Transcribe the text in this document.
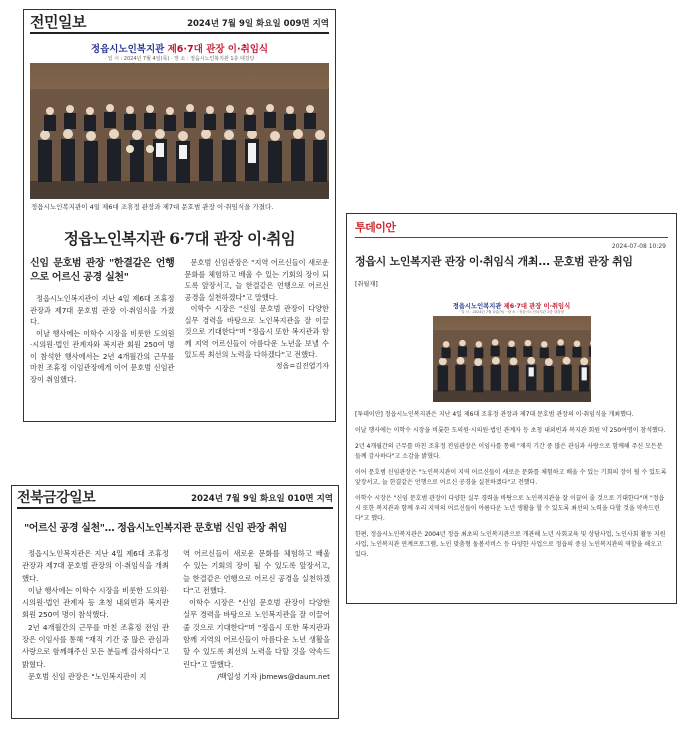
전민일보	2024년 7월 9일 화요일 009면 지역
정읍시노인복지관 제6·7대 관장 이·취임식
· 일 시 : 2024년 7월 4일(목) · 장 소 : 정읍시노인복지관 1층 대강당
정읍시노인복지관이 4일 제6대 조휴정 관장과 제7대 문호범 관장 이·취임식을 가졌다.
정읍노인복지관 6·7대 관장 이·취임
신임 문호범 관장 "한결같은 언행으로 어르신 공경 실천"

정읍시노인복지관이 지난 4일 제6대 조휴정 관장과 제7대 문호범 관장 이·취임식을 가졌다.

이날 행사에는 이학수 시장을 비롯한 도의원·시의원·법인 관계자와 복지관 회원 250여 명이 참석한 행사에서는 2년 4개월간의 근무를 마친 조휴정 이임관장에게 이어 문호범 신임관장이 취임했다.

문호범 신임관장은 "지역 어르신들이 새로운 문화를 체험하고 배울 수 있는 기회의 장이 되도록 앞장서고, 늘 한결같은 언행으로 어르신 공경을 실천하겠다"고 말했다.

이학수 시장은 "신임 문호범 관장이 다양한 실무 경력을 바탕으로 노인복지관을 잘 이끌 것으로 기대한다"며 "정읍시 또한 복지관과 함께 지역 어르신들이 아름다운 노년을 보낼 수 있도록 최선의 노력을 다하겠다"고 전했다.

정읍=김진엽기자
투데이안
2024-07-08 10:29
정읍시 노인복지관 관장 이·취임식 개최... 문호범 관장 취임
[취월재]
정읍시노인복지관 제6·7대 관장 이·취임식
· 일 시 : 2024년 7월 4일(목) · 장 소 : 정읍시노인복지관 1층 대강당

[투데이안] 정읍시노인복지관은 지난 4일 제6대 조휴정 관장과 제7대 문호범 관장의 이·취임식을 개최했다.

이날 행사에는 이학수 시장을 비롯한 도의원·시의원·법인 관계자 등 초청 내외빈과 복지관 회원 약 250여명이 참석했다.

2년 4개월간의 근무를 마친 조휴정 전임관장은 이임사를 통해 "재직 기간 중 많은 관심과 사랑으로 함께해 주신 모든분들께 감사하다"고 소감을 밝혔다.

이어 문호범 신임관장은 "노인복지관이 지역 어르신들이 새로운 문화를 체험하고 배울 수 있는 기회의 장이 될 수 있도록 앞장서고, 늘 한결같은 언행으로 어르신 공경을 실천하겠다"고 전했다.

이학수 시장은 "신임 문호범 관장이 다양한 실무 경력을 바탕으로 노인복지관을 잘 이끌어 줄 것으로 기대한다"며 "정읍시 또한 복지관과 함께 우리 지역의 어르신들이 아름다운 노년 생활을 할 수 있도록 최선의 노력을 다할 것을 약속드린다"고 했다.

한편, 정읍시노인복지관은 2004년 정읍 최초의 노인복지관으로 개관해 노년 사회교육 및 상담사업, 노인사회 활동 지원사업, 노인복지관 연계프로그램, 노인 맞춤형 돌봄서비스 등 다양한 사업으로 정읍의 중심 노인복지관의 역할을 해오고 있다.

전북금강일보	2024년 7월 9일 화요일 010면 지역
"어르신 공경 실천"… 정읍시노인복지관 문호범 신임 관장 취임

정읍시노인복지관은 지난 4일 제6대 조휴정 관장과 제7대 문호범 관장의 이·취임식을 개최했다.

이날 행사에는 이학수 시장을 비롯한 도의원·시의원·법인 관계자 등 초청 내외빈과 복지관 회원 250여 명이 참석했다.

2년 4개월간의 근무를 마친 조휴정 전임 관장은 이임사를 통해 "재직 기간 중 많은 관심과 사랑으로 함께해주신 모든 분들께 감사하다"고 밝혔다.

문호범 신임 관장은 "노인복지관이 지

역 어르신들이 새로운 문화를 체험하고 배울 수 있는 기회의 장이 될 수 있도록 앞장서고, 늘 한결같은 언행으로 어르신 공경을 실천하겠다"고 전했다.

이학수 시장은 "신임 문호범 관장이 다양한 실무 경력을 바탕으로 노인복지관을 잘 이끌어 줄 것으로 기대한다"며 "정읍시 또한 복지관과 함께 지역의 어르신들이 아름다운 노년 생활을 할 수 있도록 최선의 노력을 다할 것을 약속드린다"고 말했다.

/백일성 기자 jbmews@daum.net
